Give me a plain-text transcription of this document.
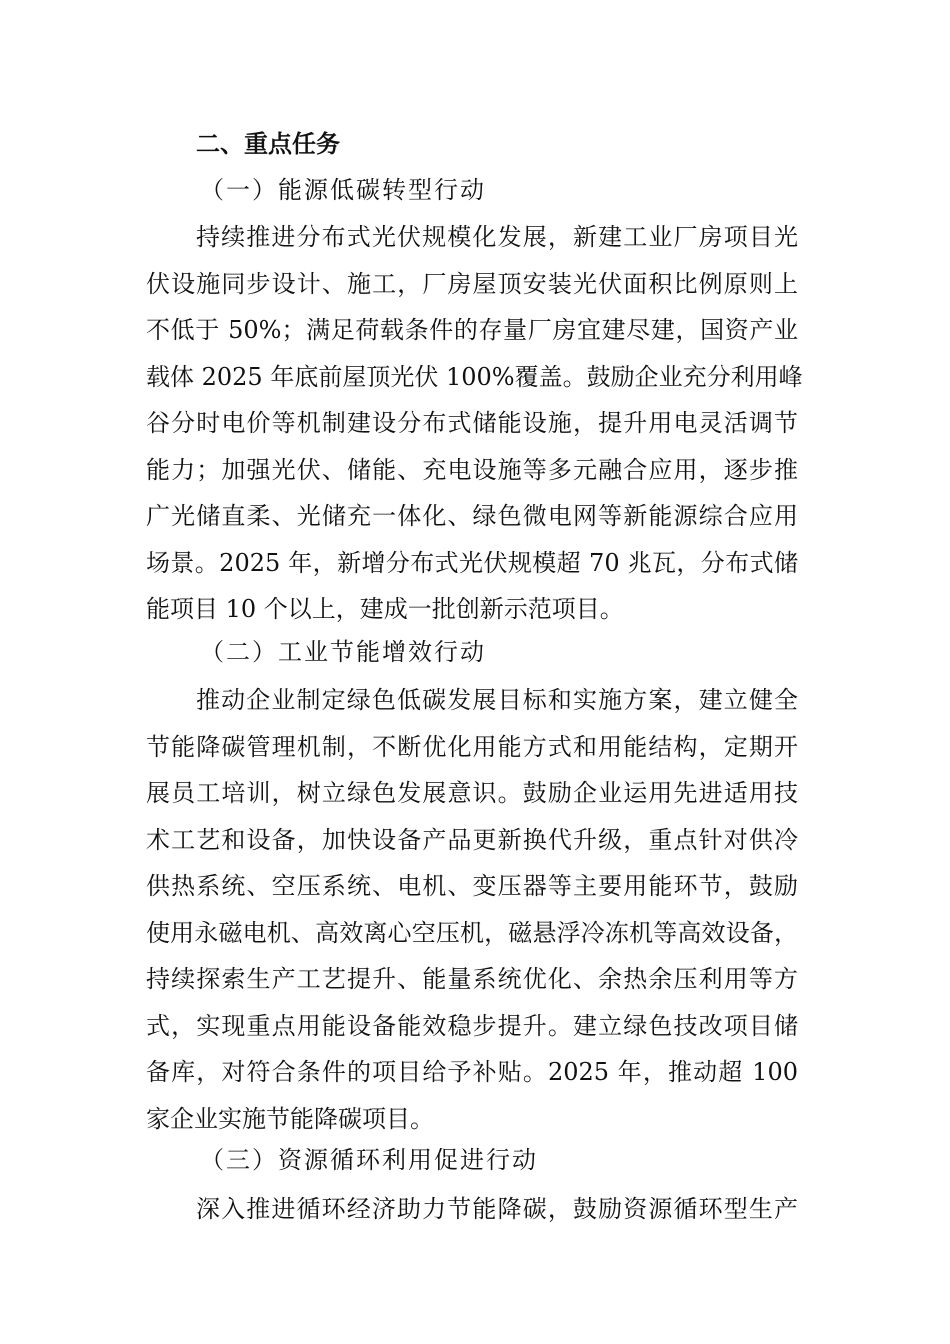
二、重点任务
（一）能源低碳转型行动
持续推进分布式光伏规模化发展，新建工业厂房项目光
伏设施同步设计、施工，厂房屋顶安装光伏面积比例原则上
不低于 50%；满足荷载条件的存量厂房宜建尽建，国资产业
载体 2025 年底前屋顶光伏 100%覆盖。鼓励企业充分利用峰
谷分时电价等机制建设分布式储能设施，提升用电灵活调节
能力；加强光伏、储能、充电设施等多元融合应用，逐步推
广光储直柔、光储充一体化、绿色微电网等新能源综合应用
场景。2025 年，新增分布式光伏规模超 70 兆瓦，分布式储
能项目 10 个以上，建成一批创新示范项目。
（二）工业节能增效行动
推动企业制定绿色低碳发展目标和实施方案，建立健全
节能降碳管理机制，不断优化用能方式和用能结构，定期开
展员工培训，树立绿色发展意识。鼓励企业运用先进适用技
术工艺和设备，加快设备产品更新换代升级，重点针对供冷
供热系统、空压系统、电机、变压器等主要用能环节，鼓励
使用永磁电机、高效离心空压机，磁悬浮冷冻机等高效设备，
持续探索生产工艺提升、能量系统优化、余热余压利用等方
式，实现重点用能设备能效稳步提升。建立绿色技改项目储
备库，对符合条件的项目给予补贴。2025 年，推动超 100
家企业实施节能降碳项目。
（三）资源循环利用促进行动
深入推进循环经济助力节能降碳，鼓励资源循环型生产
